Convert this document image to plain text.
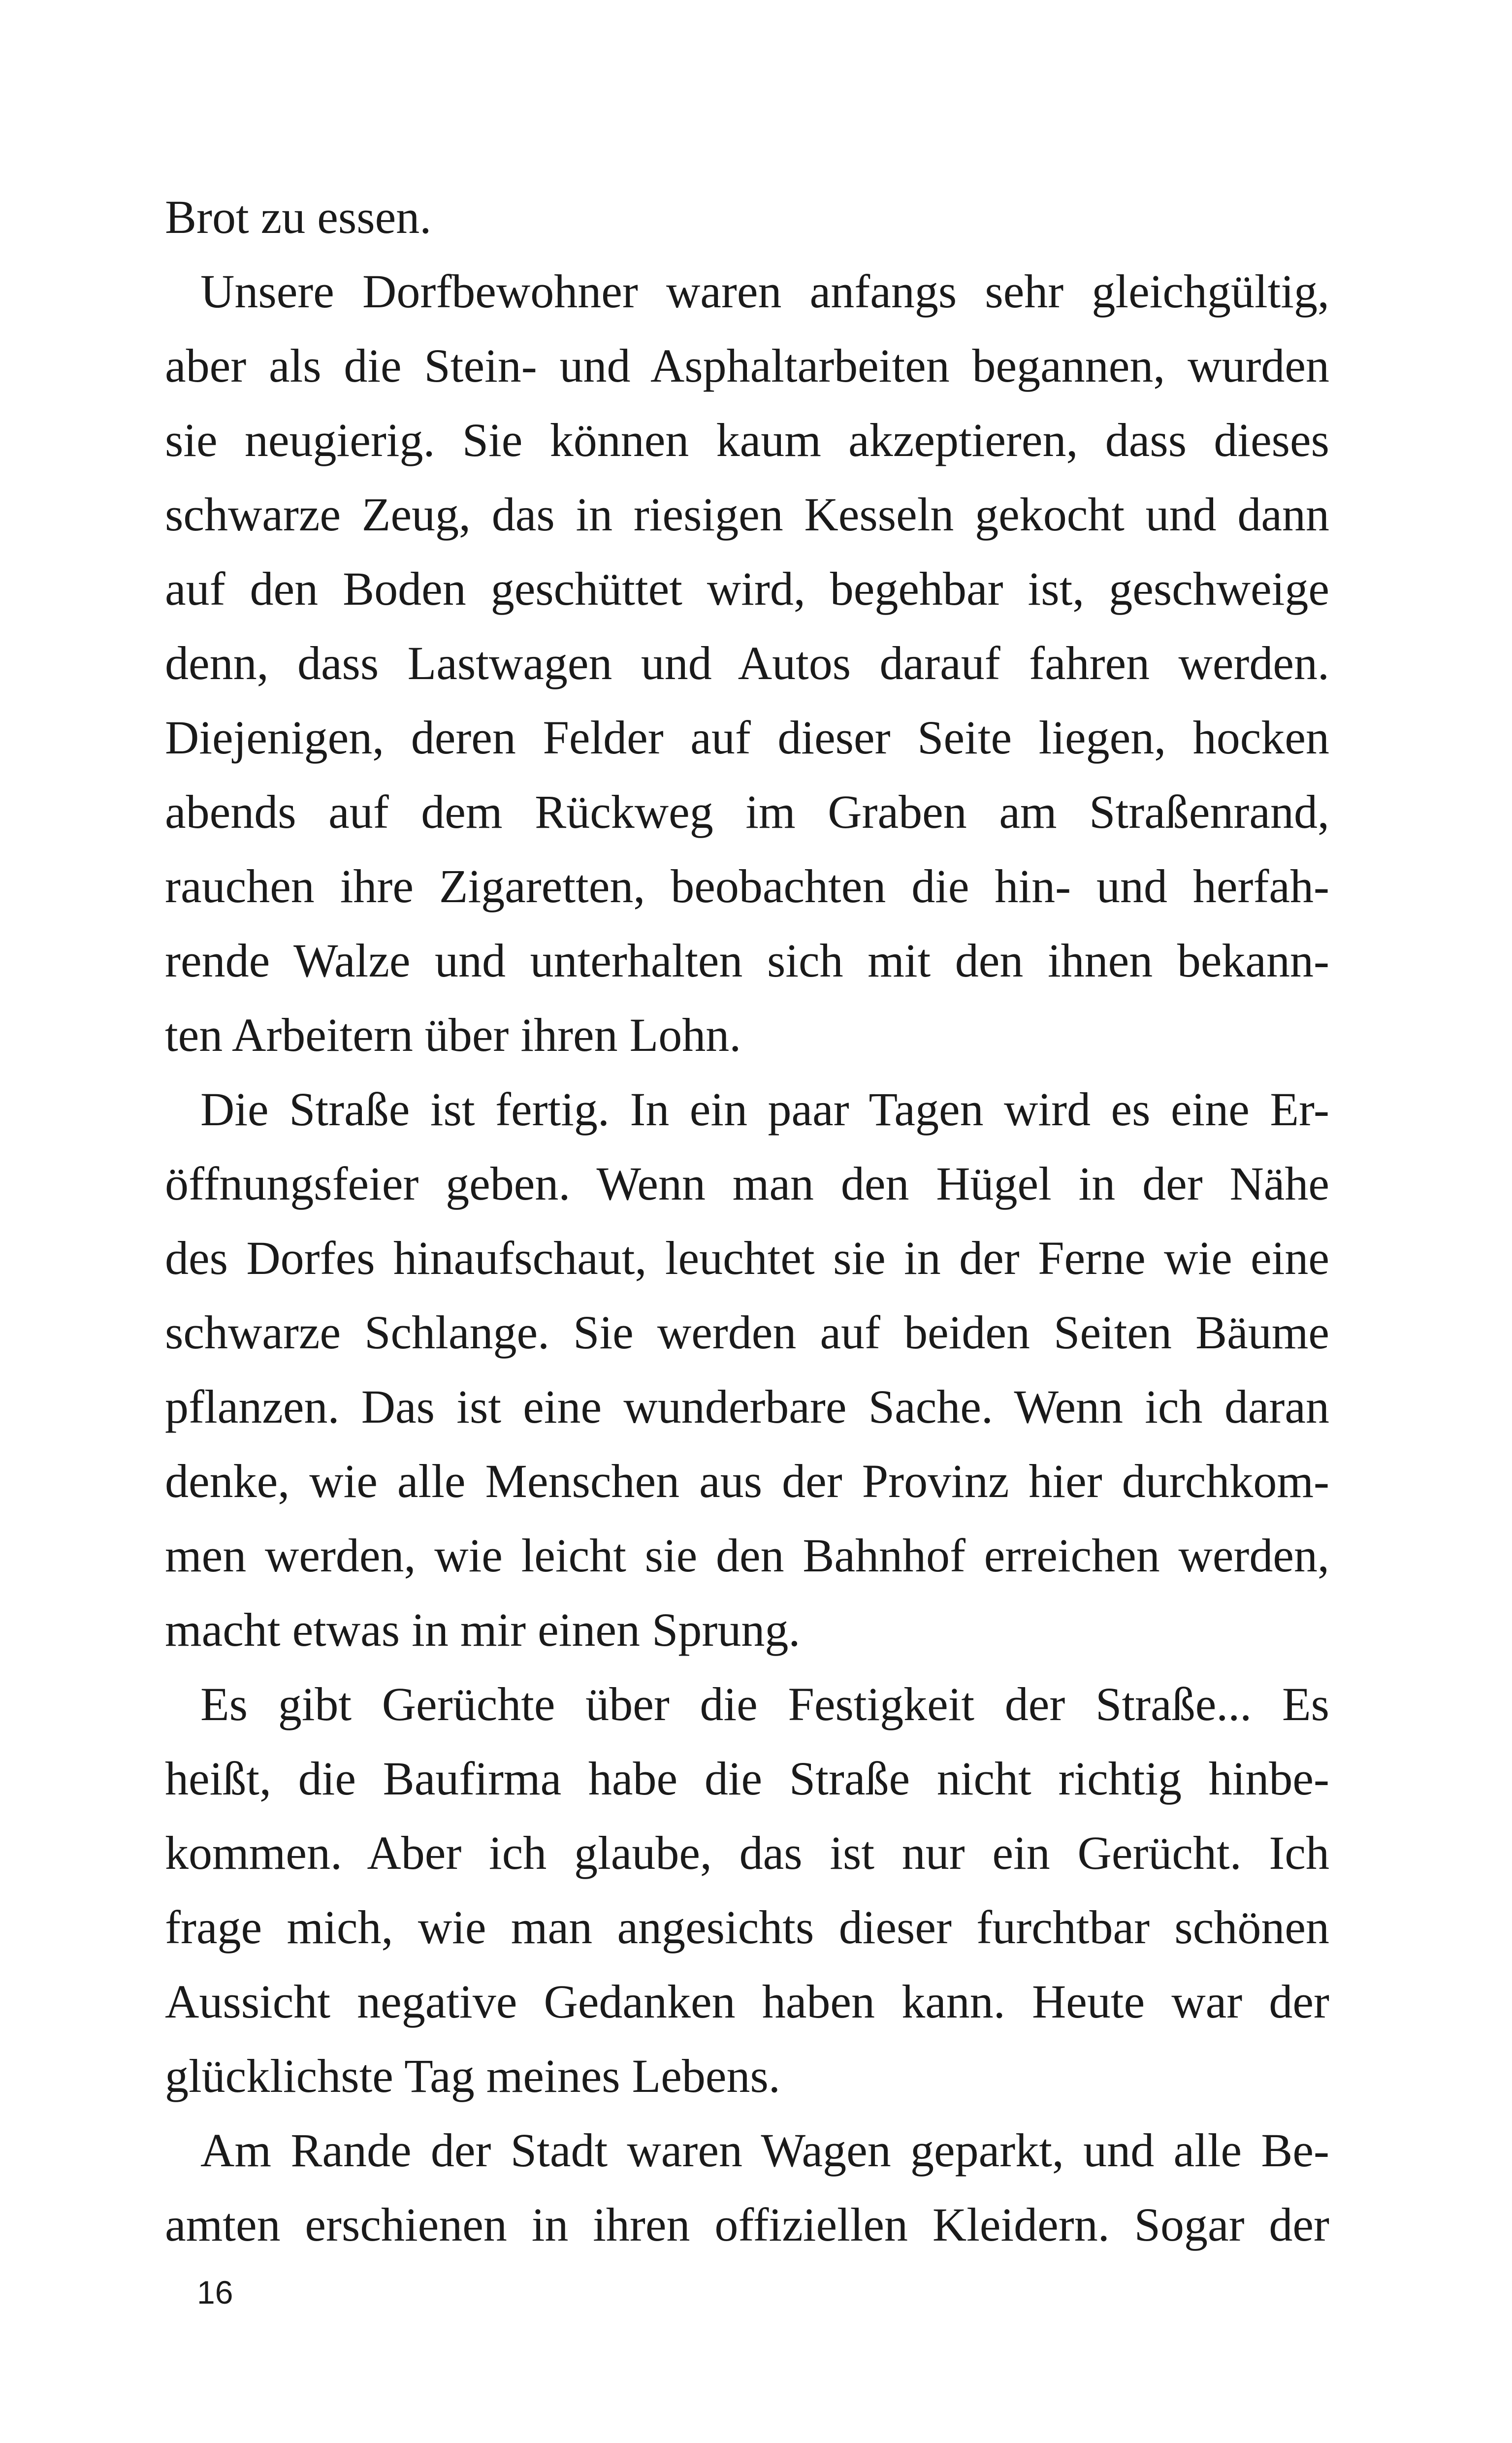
Brot zu essen.
Unsere Dorfbewohner waren anfangs sehr gleichgültig,
aber als die Stein- und Asphaltarbeiten begannen, wurden
sie neugierig. Sie können kaum akzeptieren, dass dieses
schwarze Zeug, das in riesigen Kesseln gekocht und dann
auf den Boden geschüttet wird, begehbar ist, geschweige
denn, dass Lastwagen und Autos darauf fahren werden.
Diejenigen, deren Felder auf dieser Seite liegen, hocken
abends auf dem Rückweg im Graben am Straßenrand,
rauchen ihre Zigaretten, beobachten die hin- und herfah-
rende Walze und unterhalten sich mit den ihnen bekann-
ten Arbeitern über ihren Lohn.
Die Straße ist fertig. In ein paar Tagen wird es eine Er-
öffnungsfeier geben. Wenn man den Hügel in der Nähe
des Dorfes hinaufschaut, leuchtet sie in der Ferne wie eine
schwarze Schlange. Sie werden auf beiden Seiten Bäume
pflanzen. Das ist eine wunderbare Sache. Wenn ich daran
denke, wie alle Menschen aus der Provinz hier durchkom-
men werden, wie leicht sie den Bahnhof erreichen werden,
macht etwas in mir einen Sprung.
Es gibt Gerüchte über die Festigkeit der Straße... Es
heißt, die Baufirma habe die Straße nicht richtig hinbe-
kommen. Aber ich glaube, das ist nur ein Gerücht. Ich
frage mich, wie man angesichts dieser furchtbar schönen
Aussicht negative Gedanken haben kann. Heute war der
glücklichste Tag meines Lebens.
Am Rande der Stadt waren Wagen geparkt, und alle Be-
amten erschienen in ihren offiziellen Kleidern. Sogar der
16
